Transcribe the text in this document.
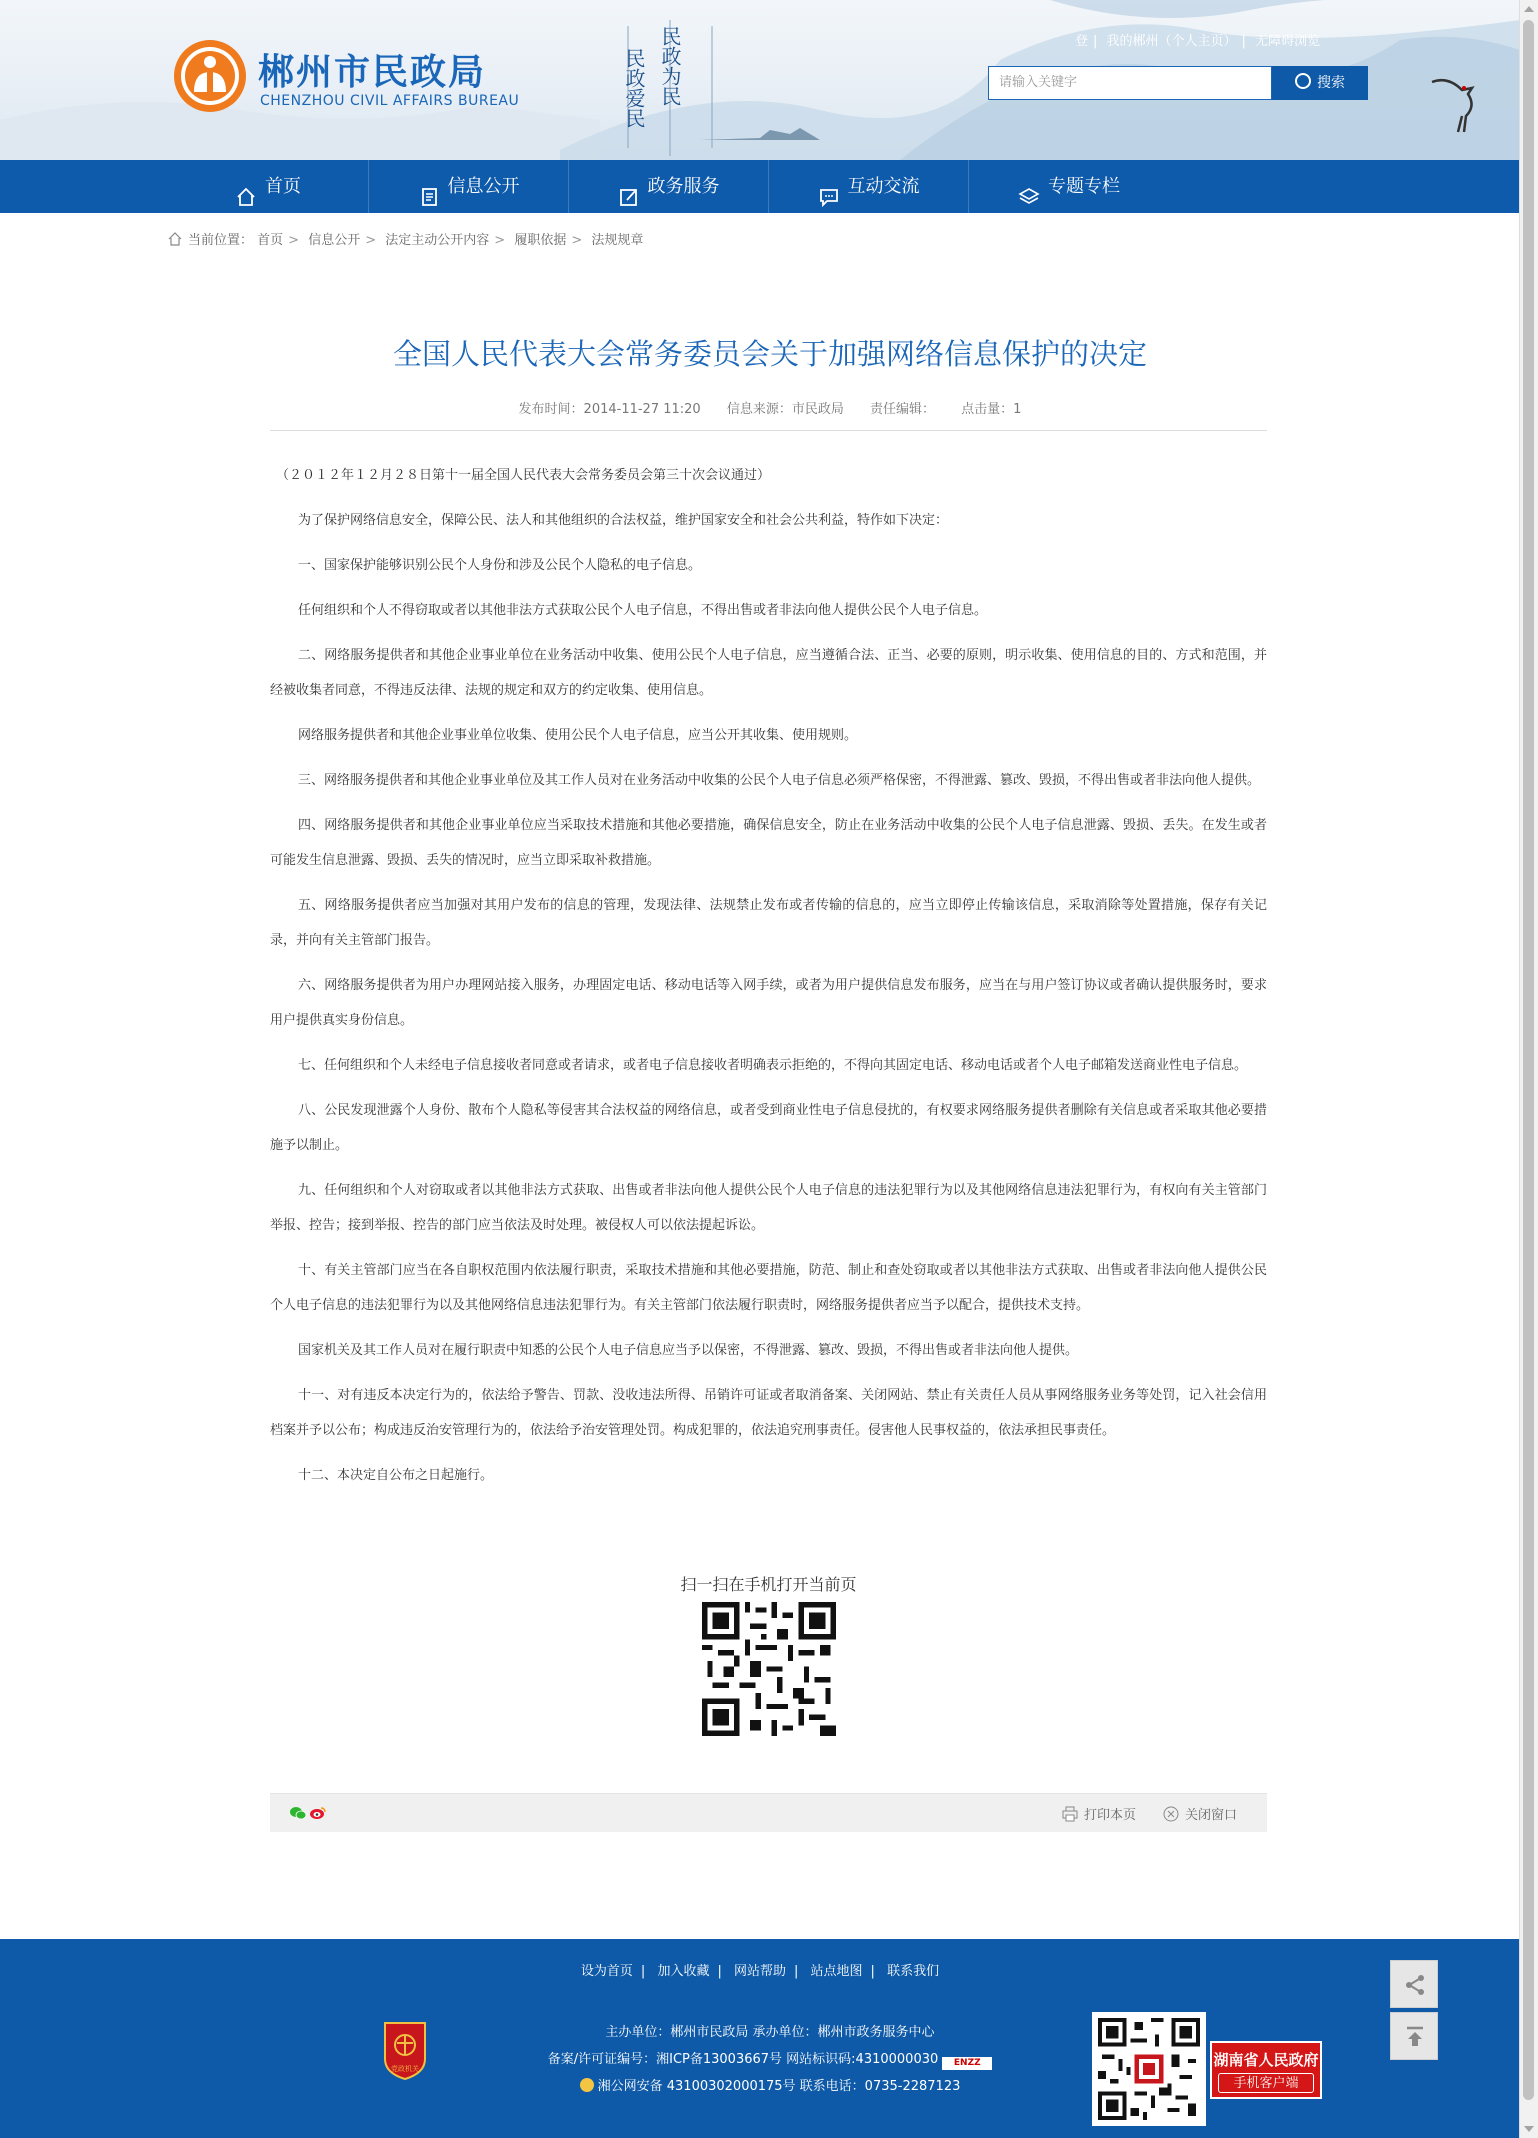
郴州市民政局
CHENZHOU CIVIL AFFAIRS BUREAU	民政爱民 民政为民	登 | 我的郴州（个人主页） | 无障碍浏览
请输入关键字	搜索
首页	信息公开	政务服务	互动交流	专题专栏
当前位置： 首页 > 信息公开 > 法定主动公开内容 > 履职依据 > 法规规章
全国人民代表大会常务委员会关于加强网络信息保护的决定
发布时间：2014-11-27 11:20 信息来源：市民政局 责任编辑： 点击量：1

（２０１２年１２月２８日第十一届全国人民代表大会常务委员会第三十次会议通过）

为了保护网络信息安全，保障公民、法人和其他组织的合法权益，维护国家安全和社会公共利益，特作如下决定：

一、国家保护能够识别公民个人身份和涉及公民个人隐私的电子信息。

任何组织和个人不得窃取或者以其他非法方式获取公民个人电子信息，不得出售或者非法向他人提供公民个人电子信息。

二、网络服务提供者和其他企业事业单位在业务活动中收集、使用公民个人电子信息，应当遵循合法、正当、必要的原则，明示收集、使用信息的目的、方式和范围，并经被收集者同意，不得违反法律、法规的规定和双方的约定收集、使用信息。

网络服务提供者和其他企业事业单位收集、使用公民个人电子信息，应当公开其收集、使用规则。

三、网络服务提供者和其他企业事业单位及其工作人员对在业务活动中收集的公民个人电子信息必须严格保密，不得泄露、篡改、毁损，不得出售或者非法向他人提供。

四、网络服务提供者和其他企业事业单位应当采取技术措施和其他必要措施，确保信息安全，防止在业务活动中收集的公民个人电子信息泄露、毁损、丢失。在发生或者可能发生信息泄露、毁损、丢失的情况时，应当立即采取补救措施。

五、网络服务提供者应当加强对其用户发布的信息的管理，发现法律、法规禁止发布或者传输的信息的，应当立即停止传输该信息，采取消除等处置措施，保存有关记录，并向有关主管部门报告。

六、网络服务提供者为用户办理网站接入服务，办理固定电话、移动电话等入网手续，或者为用户提供信息发布服务，应当在与用户签订协议或者确认提供服务时，要求用户提供真实身份信息。

七、任何组织和个人未经电子信息接收者同意或者请求，或者电子信息接收者明确表示拒绝的，不得向其固定电话、移动电话或者个人电子邮箱发送商业性电子信息。

八、公民发现泄露个人身份、散布个人隐私等侵害其合法权益的网络信息，或者受到商业性电子信息侵扰的，有权要求网络服务提供者删除有关信息或者采取其他必要措施予以制止。

九、任何组织和个人对窃取或者以其他非法方式获取、出售或者非法向他人提供公民个人电子信息的违法犯罪行为以及其他网络信息违法犯罪行为，有权向有关主管部门举报、控告；接到举报、控告的部门应当依法及时处理。被侵权人可以依法提起诉讼。

十、有关主管部门应当在各自职权范围内依法履行职责，采取技术措施和其他必要措施，防范、制止和查处窃取或者以其他非法方式获取、出售或者非法向他人提供公民个人电子信息的违法犯罪行为以及其他网络信息违法犯罪行为。有关主管部门依法履行职责时，网络服务提供者应当予以配合，提供技术支持。

国家机关及其工作人员对在履行职责中知悉的公民个人电子信息应当予以保密，不得泄露、篡改、毁损，不得出售或者非法向他人提供。

十一、对有违反本决定行为的，依法给予警告、罚款、没收违法所得、吊销许可证或者取消备案、关闭网站、禁止有关责任人员从事网络服务业务等处罚，记入社会信用档案并予以公布；构成违反治安管理行为的，依法给予治安管理处罚。构成犯罪的，依法追究刑事责任。侵害他人民事权益的，依法承担民事责任。

十二、本决定自公布之日起施行。

扫一扫在手机打开当前页
打印本页	关闭窗口
设为首页 | 加入收藏 | 网站帮助 | 站点地图 | 联系我们
党政机关
主办单位：郴州市民政局 承办单位：郴州市政务服务中心
备案/许可证编号：湘ICP备13003667号 网站标识码:4310000030 ENZZ
湘公网安备 43100302000175号 联系电话：0735-2287123
湖南省人民政府
手机客户端
